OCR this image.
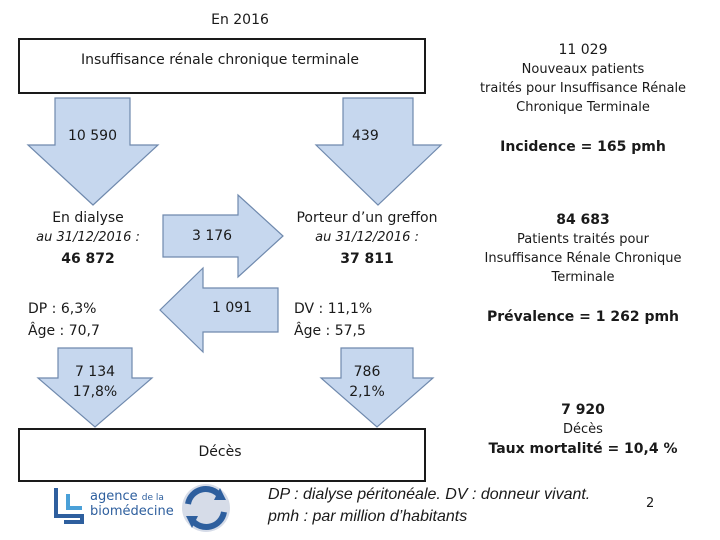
En 2016
Insuffisance rénale chronique terminale
10 590	439
En dialyse
au 31/12/2016 :
46 872
DP : 6,3%
Âge : 70,7
3 176
1 091
Porteur d’un greffon
au 31/12/2016 :
37 811
DV : 11,1%
Âge : 57,5
7 134
17,8%
786
2,1%
Décès
11 029
Nouveaux patients
traités pour Insuffisance Rénale
Chronique Terminale
Incidence = 165 pmh
84 683
Patients traités pour
Insuffisance Rénale Chronique
Terminale
Prévalence = 1 262 pmh
7 920
Décès
Taux mortalité = 10,4 %
agence de la
biomédecine
DP : dialyse péritonéale. DV : donneur vivant.
pmh : par million d’habitants
2
